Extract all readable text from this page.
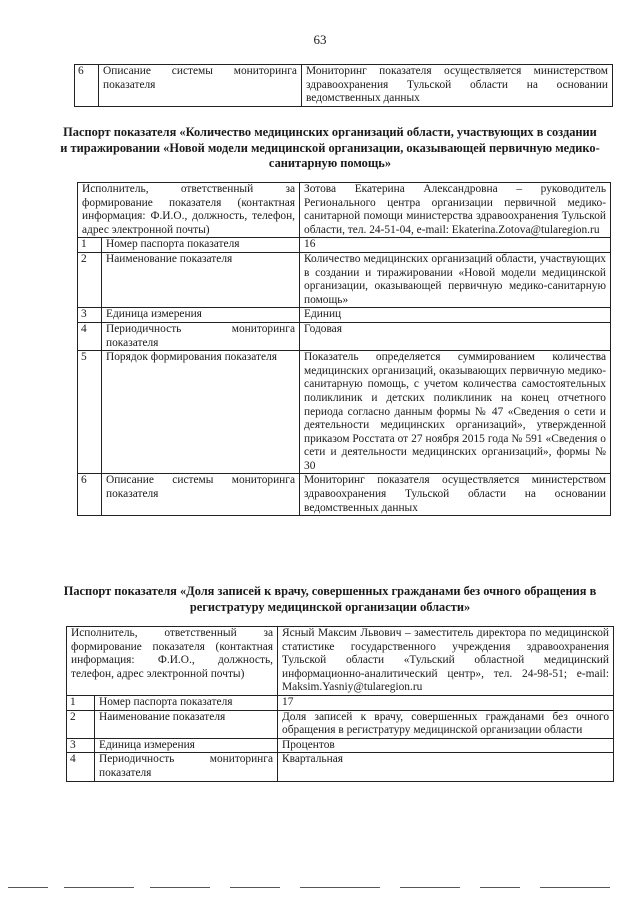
63
6	Описание системы мониторинга показателя	Мониторинг показателя осуществляется министерством здравоохранения Тульской области на основании ведомственных данных
Паспорт показателя «Количество медицинских организаций области, участвующих в создании и тиражировании «Новой модели медицинской организации, оказывающей первичную медико-санитарную помощь»
Исполнитель, ответственный за формирование показателя (контактная информация: Ф.И.О., должность, телефон, адрес электронной почты)		Зотова Екатерина Александровна – руководитель Регионального центра организации первичной медико-санитарной помощи министерства здравоохранения Тульской области, тел. 24-51-04, e-mail: Ekaterina.Zotova@tularegion.ru
1	Номер паспорта показателя	16
2	Наименование показателя	Количество медицинских организаций области, участвующих в создании и тиражировании «Новой модели медицинской организации, оказывающей первичную медико-санитарную помощь»
3	Единица измерения	Единиц
4	Периодичность мониторинга показателя	Годовая
5	Порядок формирования показателя	Показатель определяется суммированием количества медицинских организаций, оказывающих первичную медико-санитарную помощь, с учетом количества самостоятельных поликлиник и детских поликлиник на конец отчетного периода согласно данным формы № 47 «Сведения о сети и деятельности медицинских организаций», утвержденной приказом Росстата от 27 ноября 2015 года № 591 «Сведения о сети и деятельности медицинских организаций», формы № 30
6	Описание системы мониторинга показателя	Мониторинг показателя осуществляется министерством здравоохранения Тульской области на основании ведомственных данных
Паспорт показателя «Доля записей к врачу, совершенных гражданами без очного обращения в регистратуру медицинской организации области»
Исполнитель, ответственный за формирование показателя (контактная информация: Ф.И.О., должность, телефон, адрес электронной почты)		Ясный Максим Львович – заместитель директора по медицинской статистике государственного учреждения здравоохранения Тульской области «Тульский областной медицинский информационно-аналитический центр», тел. 24-98-51; e-mail: Maksim.Yasniy@tularegion.ru
1	Номер паспорта показателя	17
2	Наименование показателя	Доля записей к врачу, совершенных гражданами без очного обращения в регистратуру медицинской организации области
3	Единица измерения	Процентов
4	Периодичность мониторинга показателя	Квартальная
